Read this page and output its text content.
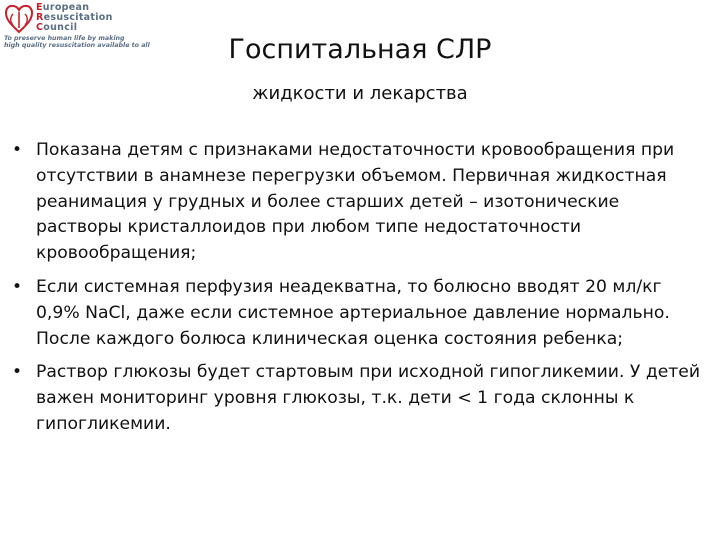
European
Resuscitation
Council
To preserve human life by making
high quality resuscitation available to all	Госпитальная СЛР
жидкости и лекарства
• Показана детям с признаками недостаточности кровообращения при отсутствии в анамнезе перегрузки объемом. Первичная жидкостная реанимация у грудных и более старших детей – изотонические растворы кристаллоидов при любом типе недостаточности кровообращения;
• Если системная перфузия неадекватна, то болюсно вводят 20 мл/кг 0,9% NaCl, даже если системное артериальное давление нормально. После каждого болюса клиническая оценка состояния ребенка;
• Раствор глюкозы будет стартовым при исходной гипогликемии. У детей важен мониторинг уровня глюкозы, т.к. дети < 1 года склонны к гипогликемии.
